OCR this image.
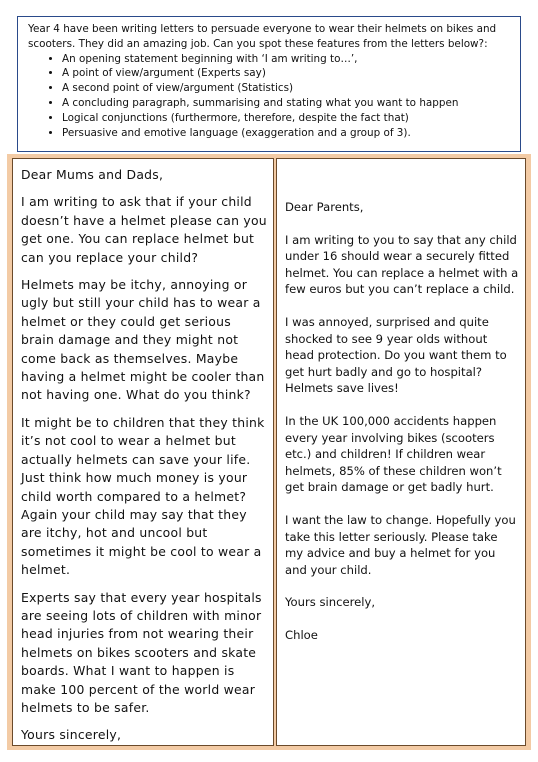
Year 4 have been writing letters to persuade everyone to wear their helmets on bikes and scooters. They did an amazing job. Can you spot these features from the letters below?:

• An opening statement beginning with ‘I am writing to…’,
• A point of view/argument (Experts say)
• A second point of view/argument (Statistics)
• A concluding paragraph, summarising and stating what you want to happen
• Logical conjunctions (furthermore, therefore, despite the fact that)
• Persuasive and emotive language (exaggeration and a group of 3).

Dear Mums and Dads,

I am writing to ask that if your child doesn’t have a helmet please can you get one. You can replace helmet but can you replace your child?

Helmets may be itchy, annoying or ugly but still your child has to wear a helmet or they could get serious brain damage and they might not come back as themselves. Maybe having a helmet might be cooler than not having one. What do you think?

It might be to children that they think it’s not cool to wear a helmet but actually helmets can save your life. Just think how much money is your child worth compared to a helmet? Again your child may say that they are itchy, hot and uncool but sometimes it might be cool to wear a helmet.

Experts say that every year hospitals are seeing lots of children with minor head injuries from not wearing their helmets on bikes scooters and skate boards. What I want to happen is make 100 percent of the world wear helmets to be safer.

Yours sincerely,

Dear Parents,

I am writing to you to say that any child under 16 should wear a securely fitted helmet. You can replace a helmet with a few euros but you can’t replace a child.

I was annoyed, surprised and quite shocked to see 9 year olds without head protection. Do you want them to get hurt badly and go to hospital? Helmets save lives!

In the UK 100,000 accidents happen every year involving bikes (scooters etc.) and children! If children wear helmets, 85% of these children won’t get brain damage or get badly hurt.

I want the law to change. Hopefully you take this letter seriously. Please take my advice and buy a helmet for you and your child.

Yours sincerely,

Chloe
